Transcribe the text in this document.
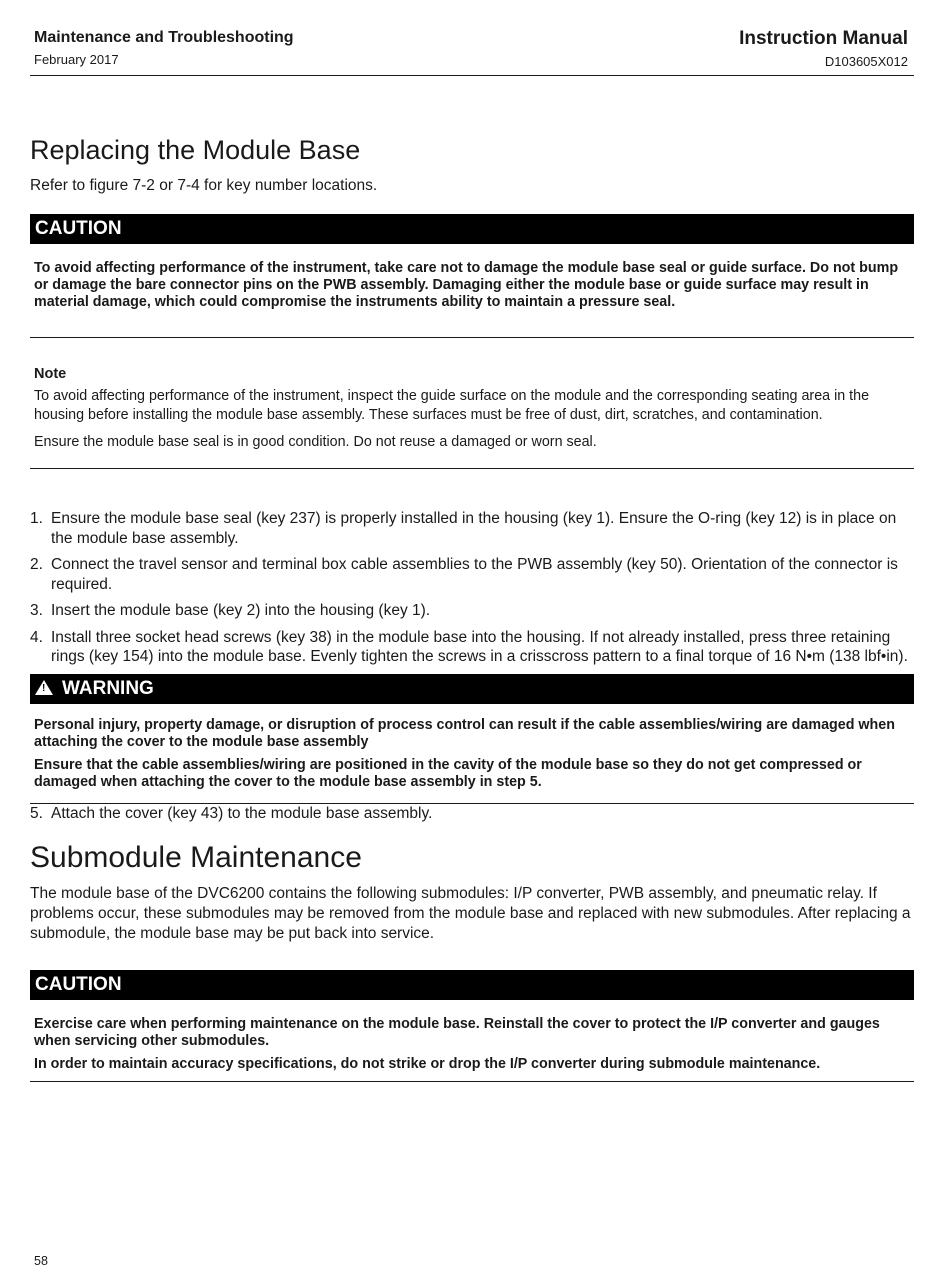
Maintenance and Troubleshooting
February 2017
Instruction Manual
D103605X012
Replacing the Module Base

Refer to figure 7-2 or 7-4 for key number locations.

CAUTION

To avoid affecting performance of the instrument, take care not to damage the module base seal or guide surface. Do not bump or damage the bare connector pins on the PWB assembly. Damaging either the module base or guide surface may result in material damage, which could compromise the instruments ability to maintain a pressure seal.

Note

To avoid affecting performance of the instrument, inspect the guide surface on the module and the corresponding seating area in the housing before installing the module base assembly. These surfaces must be free of dust, dirt, scratches, and contamination.

Ensure the module base seal is in good condition. Do not reuse a damaged or worn seal.

1. Ensure the module base seal (key 237) is properly installed in the housing (key 1). Ensure the O-ring (key 12) is in place on the module base assembly.
2. Connect the travel sensor and terminal box cable assemblies to the PWB assembly (key 50). Orientation of the connector is required.
3. Insert the module base (key 2) into the housing (key 1).
4. Install three socket head screws (key 38) in the module base into the housing. If not already installed, press three retaining rings (key 154) into the module base. Evenly tighten the screws in a crisscross pattern to a final torque of 16 N•m (138 lbf•in).
!
WARNING

Personal injury, property damage, or disruption of process control can result if the cable assemblies/wiring are damaged when attaching the cover to the module base assembly

Ensure that the cable assemblies/wiring are positioned in the cavity of the module base so they do not get compressed or damaged when attaching the cover to the module base assembly in step 5.

5. Attach the cover (key 43) to the module base assembly.
Submodule Maintenance

The module base of the DVC6200 contains the following submodules: I/P converter, PWB assembly, and pneumatic relay. If problems occur, these submodules may be removed from the module base and replaced with new submodules. After replacing a submodule, the module base may be put back into service.

CAUTION

Exercise care when performing maintenance on the module base. Reinstall the cover to protect the I/P converter and gauges when servicing other submodules.

In order to maintain accuracy specifications, do not strike or drop the I/P converter during submodule maintenance.

58
